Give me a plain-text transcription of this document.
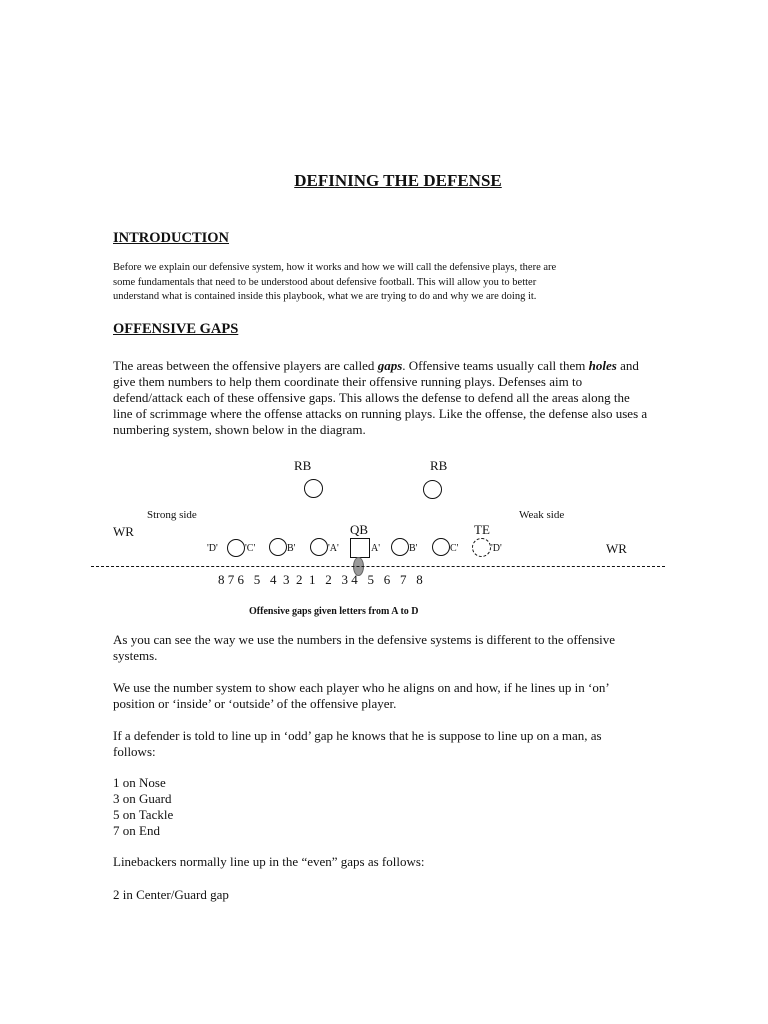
DEFINING THE DEFENSE
INTRODUCTION
Before we explain our defensive system, how it works and how we will call the defensive plays, there are
some fundamentals that need to be understood about defensive football. This will allow you to better
understand what is contained inside this playbook, what we are trying to do and why we are doing it.
OFFENSIVE GAPS
The areas between the offensive players are called gaps. Offensive teams usually call them holes and give them numbers to help them coordinate their offensive running plays. Defenses aim to defend/attack each of these offensive gaps. This allows the defense to defend all the areas along the line of scrimmage where the offense attacks on running plays. Like the offense, the defense also uses a numbering system, shown below in the diagram.
RB	RB
Strong side	Weak side
WR	QB	TE
WR
'D'	'C'	B'	'A'	A'	B'	C'	'D'
8 7 6   5   4  3  2  1   2   3 4   5   6   7   8
Offensive gaps given letters from A to D
As you can see the way we use the numbers in the defensive systems is different to the offensive systems.
We use the number system to show each player who he aligns on and how, if he lines up in ‘on’ position or ‘inside’ or ‘outside’ of the offensive player.
If a defender is told to line up in ‘odd’ gap he knows that he is suppose to line up on a man, as follows:
1 on Nose
3 on Guard
5 on Tackle
7 on End
Linebackers normally line up in the “even” gaps as follows:
2 in Center/Guard gap
